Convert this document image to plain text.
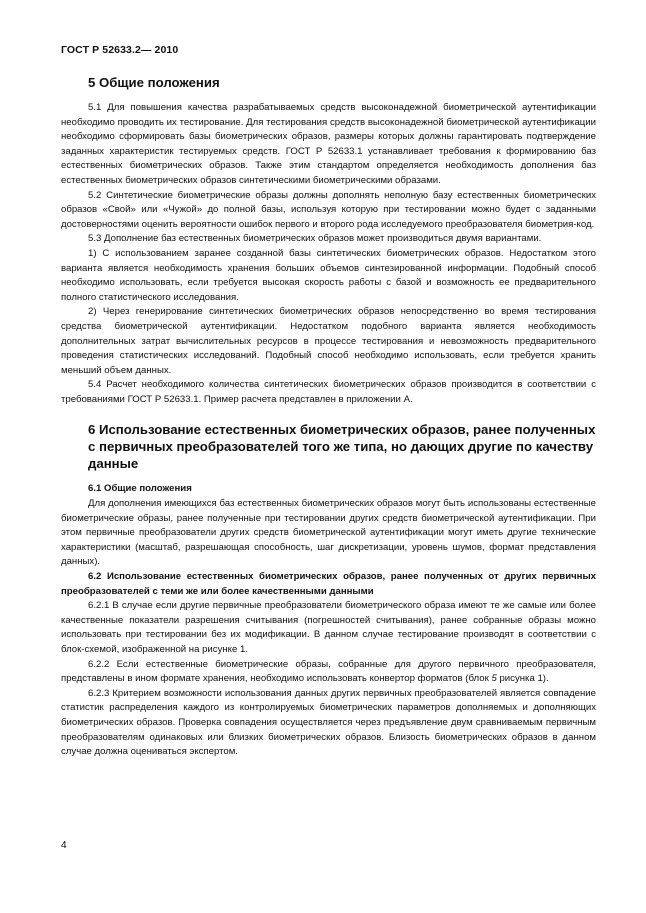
ГОСТ Р 52633.2— 2010
5 Общие положения

5.1 Для повышения качества разрабатываемых средств высоконадежной биометрической аутентификации необходимо проводить их тестирование. Для тестирования средств высоконадежной биометрической аутентификации необходимо сформировать базы биометрических образов, размеры которых должны гарантировать подтверждение заданных характеристик тестируемых средств. ГОСТ Р 52633.1 устанавливает требования к формированию баз естественных биометрических образов. Также этим стандартом определяется необходимость дополнения баз естественных биометрических образов синтетическими биометрическими образами.

5.2 Синтетические биометрические образы должны дополнять неполную базу естественных биометрических образов «Свой» или «Чужой» до полной базы, используя которую при тестировании можно будет с заданными достоверностями оценить вероятности ошибок первого и второго рода исследуемого преобразователя биометрия-код.

5.3 Дополнение баз естественных биометрических образов может производиться двумя вариантами.

1) С использованием заранее созданной базы синтетических биометрических образов. Недостатком этого варианта является необходимость хранения больших объемов синтезированной информации. Подобный способ необходимо использовать, если требуется высокая скорость работы с базой и возможность ее предварительного полного статистического исследования.

2) Через генерирование синтетических биометрических образов непосредственно во время тестирования средства биометрической аутентификации. Недостатком подобного варианта является необходимость дополнительных затрат вычислительных ресурсов в процессе тестирования и невозможность предварительного проведения статистических исследований. Подобный способ необходимо использовать, если требуется хранить меньший объем данных.

5.4 Расчет необходимого количества синтетических биометрических образов производится в соответствии с требованиями ГОСТ Р 52633.1. Пример расчета представлен в приложении А.

6 Использование естественных биометрических образов, ранее полученных с первичных преобразователей того же типа, но дающих другие по качеству данные
6.1 Общие положения

Для дополнения имеющихся баз естественных биометрических образов могут быть использованы естественные биометрические образы, ранее полученные при тестировании других средств биометрической аутентификации. При этом первичные преобразователи других средств биометрической аутентификации могут иметь другие технические характеристики (масштаб, разрешающая способность, шаг дискретизации, уровень шумов, формат представления данных).

6.2 Использование естественных биометрических образов, ранее полученных от других первичных преобразователей с теми же или более качественными данными

6.2.1 В случае если другие первичные преобразователи биометрического образа имеют те же самые или более качественные показатели разрешения считывания (погрешностей считывания), ранее собранные образы можно использовать при тестировании без их модификации. В данном случае тестирование производят в соответствии с блок-схемой, изображенной на рисунке 1.

6.2.2 Если естественные биометрические образы, собранные для другого первичного преобразователя, представлены в ином формате хранения, необходимо использовать конвертор форматов (блок 5 рисунка 1).

6.2.3 Критерием возможности использования данных других первичных преобразователей является совпадение статистик распределения каждого из контролируемых биометрических параметров дополняемых и дополняющих биометрических образов. Проверка совпадения осуществляется через предъявление двум сравниваемым первичным преобразователям одинаковых или близких биометрических образов. Близость биометрических образов в данном случае должна оцениваться экспертом.

4
